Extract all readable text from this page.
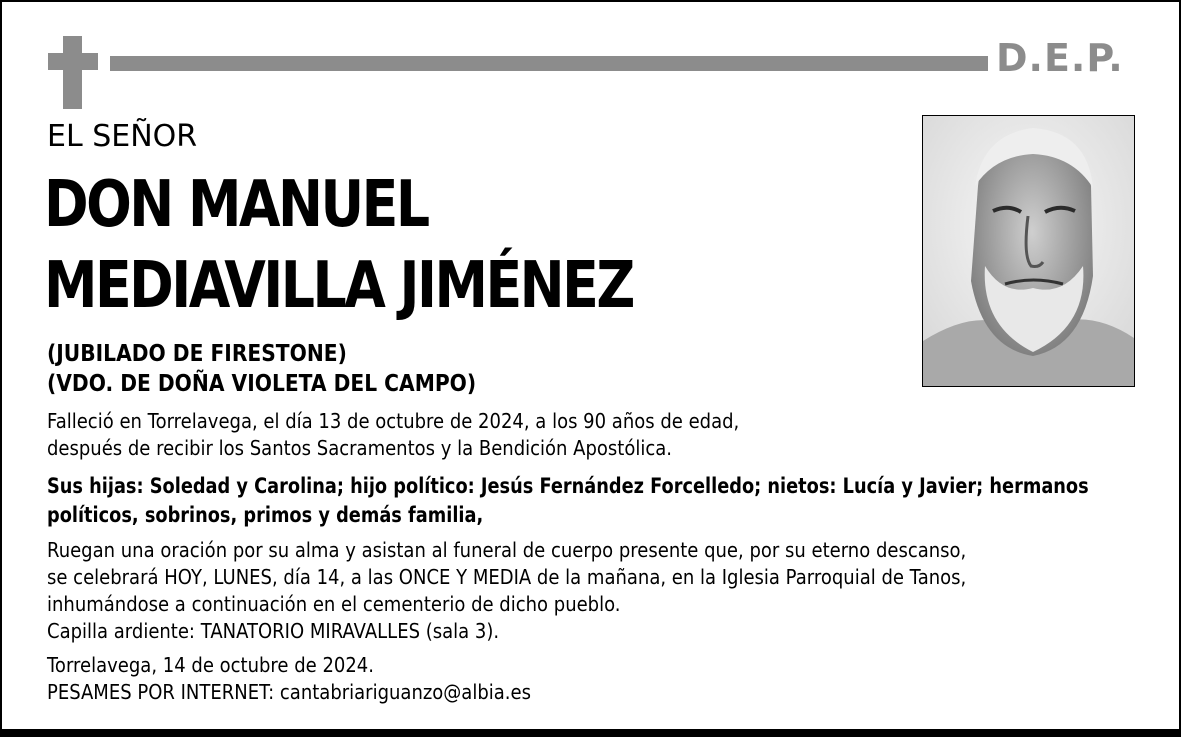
D.E.P.
EL SEÑOR
DON MANUEL
MEDIAVILLA JIMÉNEZ
(JUBILADO DE FIRESTONE)
(VDO. DE DOÑA VIOLETA DEL CAMPO)
Falleció en Torrelavega, el día 13 de octubre de 2024, a los 90 años de edad,
después de recibir los Santos Sacramentos y la Bendición Apostólica.
Sus hijas: Soledad y Carolina; hijo político: Jesús Fernández Forcelledo; nietos: Lucía y Javier; hermanos
políticos, sobrinos, primos y demás familia,
Ruegan una oración por su alma y asistan al funeral de cuerpo presente que, por su eterno descanso,
se celebrará HOY, LUNES, día 14, a las ONCE Y MEDIA de la mañana, en la Iglesia Parroquial de Tanos,
inhumándose a continuación en el cementerio de dicho pueblo.
Capilla ardiente: TANATORIO MIRAVALLES (sala 3).
Torrelavega, 14 de octubre de 2024.
PESAMES POR INTERNET: cantabriariguanzo@albia.es
